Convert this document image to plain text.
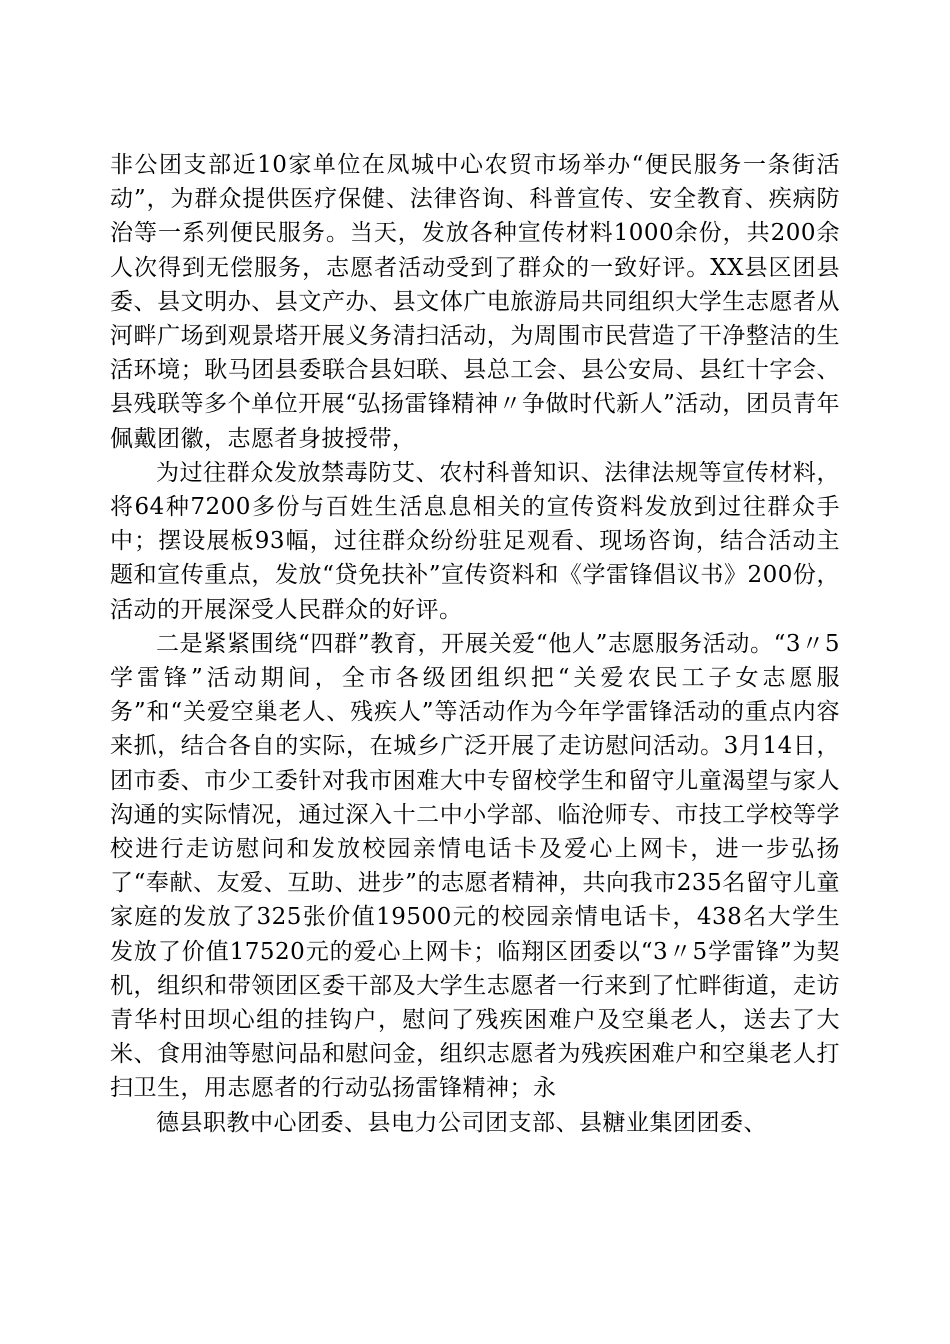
非公团支部近10家单位在凤城中心农贸市场举办“便民服务一条街活动”，为群众提供医疗保健、法律咨询、科普宣传、安全教育、疾病防治等一系列便民服务。当天，发放各种宣传材料1000余份，共200余人次得到无偿服务，志愿者活动受到了群众的一致好评。XX县区团县委、县文明办、县文产办、县文体广电旅游局共同组织大学生志愿者从河畔广场到观景塔开展义务清扫活动，为周围市民营造了干净整洁的生活环境；耿马团县委联合县妇联、县总工会、县公安局、县红十字会、县残联等多个单位开展“弘扬雷锋精神〃争做时代新人”活动，团员青年佩戴团徽，志愿者身披授带，

为过往群众发放禁毒防艾、农村科普知识、法律法规等宣传材料，将64种7200多份与百姓生活息息相关的宣传资料发放到过往群众手中；摆设展板93幅，过往群众纷纷驻足观看、现场咨询，结合活动主题和宣传重点，发放“贷免扶补”宣传资料和《学雷锋倡议书》200份，活动的开展深受人民群众的好评。

二是紧紧围绕“四群”教育，开展关爱“他人”志愿服务活动。“3〃5学雷锋”活动期间，全市各级团组织把“关爱农民工子女志愿服务”和“关爱空巢老人、残疾人”等活动作为今年学雷锋活动的重点内容来抓，结合各自的实际，在城乡广泛开展了走访慰问活动。3月14日，团市委、市少工委针对我市困难大中专留校学生和留守儿童渴望与家人沟通的实际情况，通过深入十二中小学部、临沧师专、市技工学校等学校进行走访慰问和发放校园亲情电话卡及爱心上网卡，进一步弘扬了“奉献、友爱、互助、进步”的志愿者精神，共向我市235名留守儿童家庭的发放了325张价值19500元的校园亲情电话卡，438名大学生发放了价值17520元的爱心上网卡；临翔区团委以“3〃5学雷锋”为契机，组织和带领团区委干部及大学生志愿者一行来到了忙畔街道，走访青华村田坝心组的挂钩户，慰问了残疾困难户及空巢老人，送去了大米、食用油等慰问品和慰问金，组织志愿者为残疾困难户和空巢老人打扫卫生，用志愿者的行动弘扬雷锋精神；永

德县职教中心团委、县电力公司团支部、县糖业集团团委、
